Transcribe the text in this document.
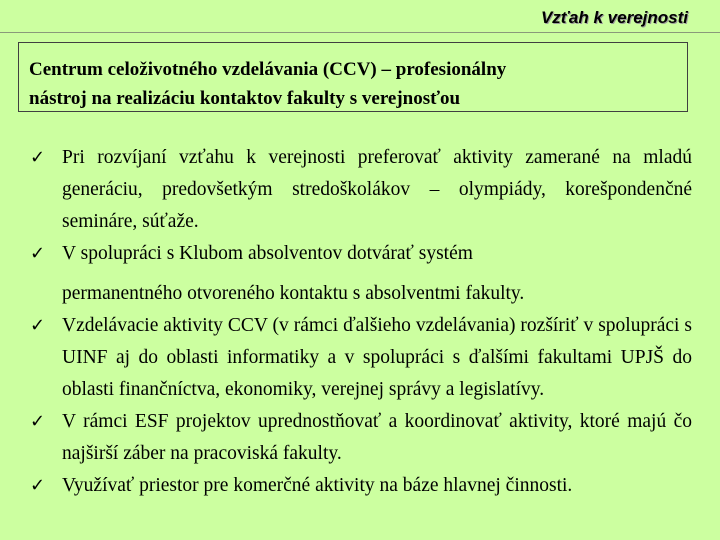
Vzťah k verejnosti
Centrum celoživotného vzdelávania (CCV) – profesionálny
nástroj na realizáciu kontaktov fakulty s verejnosťou
✓ Pri rozvíjaní vzťahu k verejnosti preferovať aktivity zamerané na mladú generáciu, predovšetkým stredoškolákov – olympiády, korešpondenčné semináre, súťaže.
✓ V spolupráci s Klubom absolventov dotvárať systém
permanentného otvoreného kontaktu s absolventmi fakulty.
✓ Vzdelávacie aktivity CCV (v rámci ďalšieho vzdelávania) rozšíriť v spolupráci s UINF aj do oblasti informatiky a v spolupráci s ďalšími fakultami UPJŠ do oblasti finančníctva, ekonomiky, verejnej správy a legislatívy.
✓ V rámci ESF projektov uprednostňovať a koordinovať aktivity, ktoré majú čo najširší záber na pracoviská fakulty.
✓ Využívať priestor pre komerčné aktivity na báze hlavnej činnosti.
